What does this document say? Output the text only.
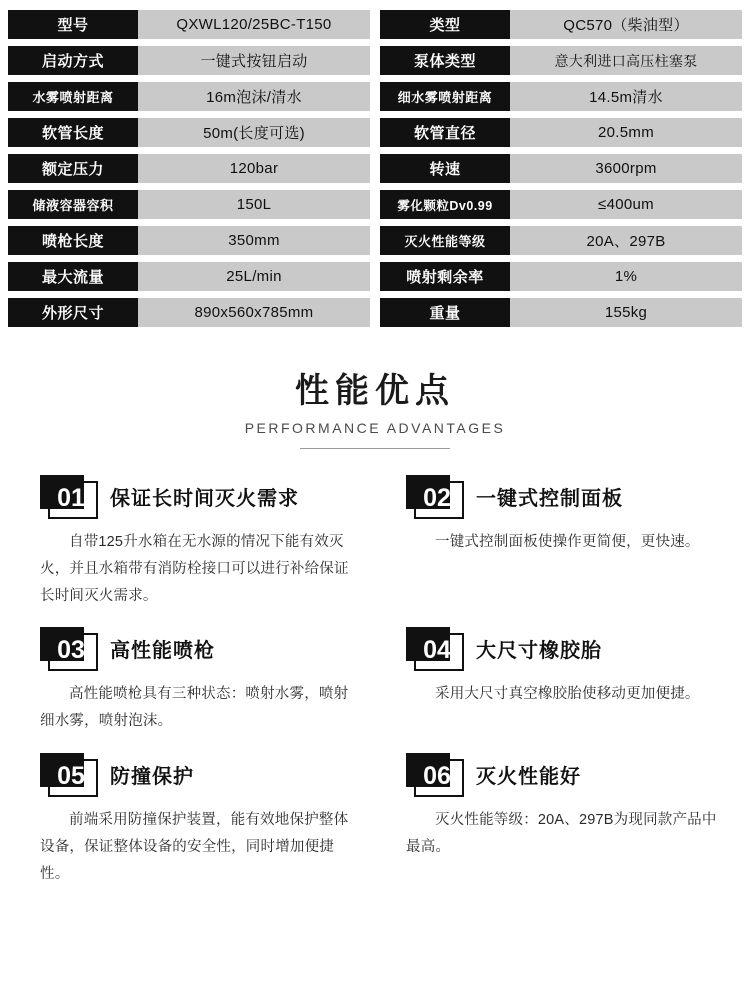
型号	QXWL120/25BC-T150
启动方式	一键式按钮启动
水雾喷射距离	16m泡沫/清水
软管长度	50m(长度可选)
额定压力	120bar
储液容器容积	150L
喷枪长度	350mm
最大流量	25L/min
外形尺寸	890x560x785mm
类型	QC570（柴油型）
泵体类型	意大利进口高压柱塞泵
细水雾喷射距离	14.5m清水
软管直径	20.5mm
转速	3600rpm
雾化颗粒Dv0.99	≤400um
灭火性能等级	20A、297B
喷射剩余率	1%
重量	155kg
性能优点
PERFORMANCE ADVANTAGES
01	保证长时间灭火需求
自带125升水箱在无水源的情况下能有效灭火，并且水箱带有消防栓接口可以进行补给保证长时间灭火需求。
02	一键式控制面板
一键式控制面板使操作更简便，更快速。
03	高性能喷枪
高性能喷枪具有三种状态：喷射水雾，喷射细水雾，喷射泡沫。
04	大尺寸橡胶胎
采用大尺寸真空橡胶胎使移动更加便捷。
05	防撞保护
前端采用防撞保护装置，能有效地保护整体设备，保证整体设备的安全性，同时增加便捷性。
06	灭火性能好
灭火性能等级：20A、297B为现同款产品中最高。
